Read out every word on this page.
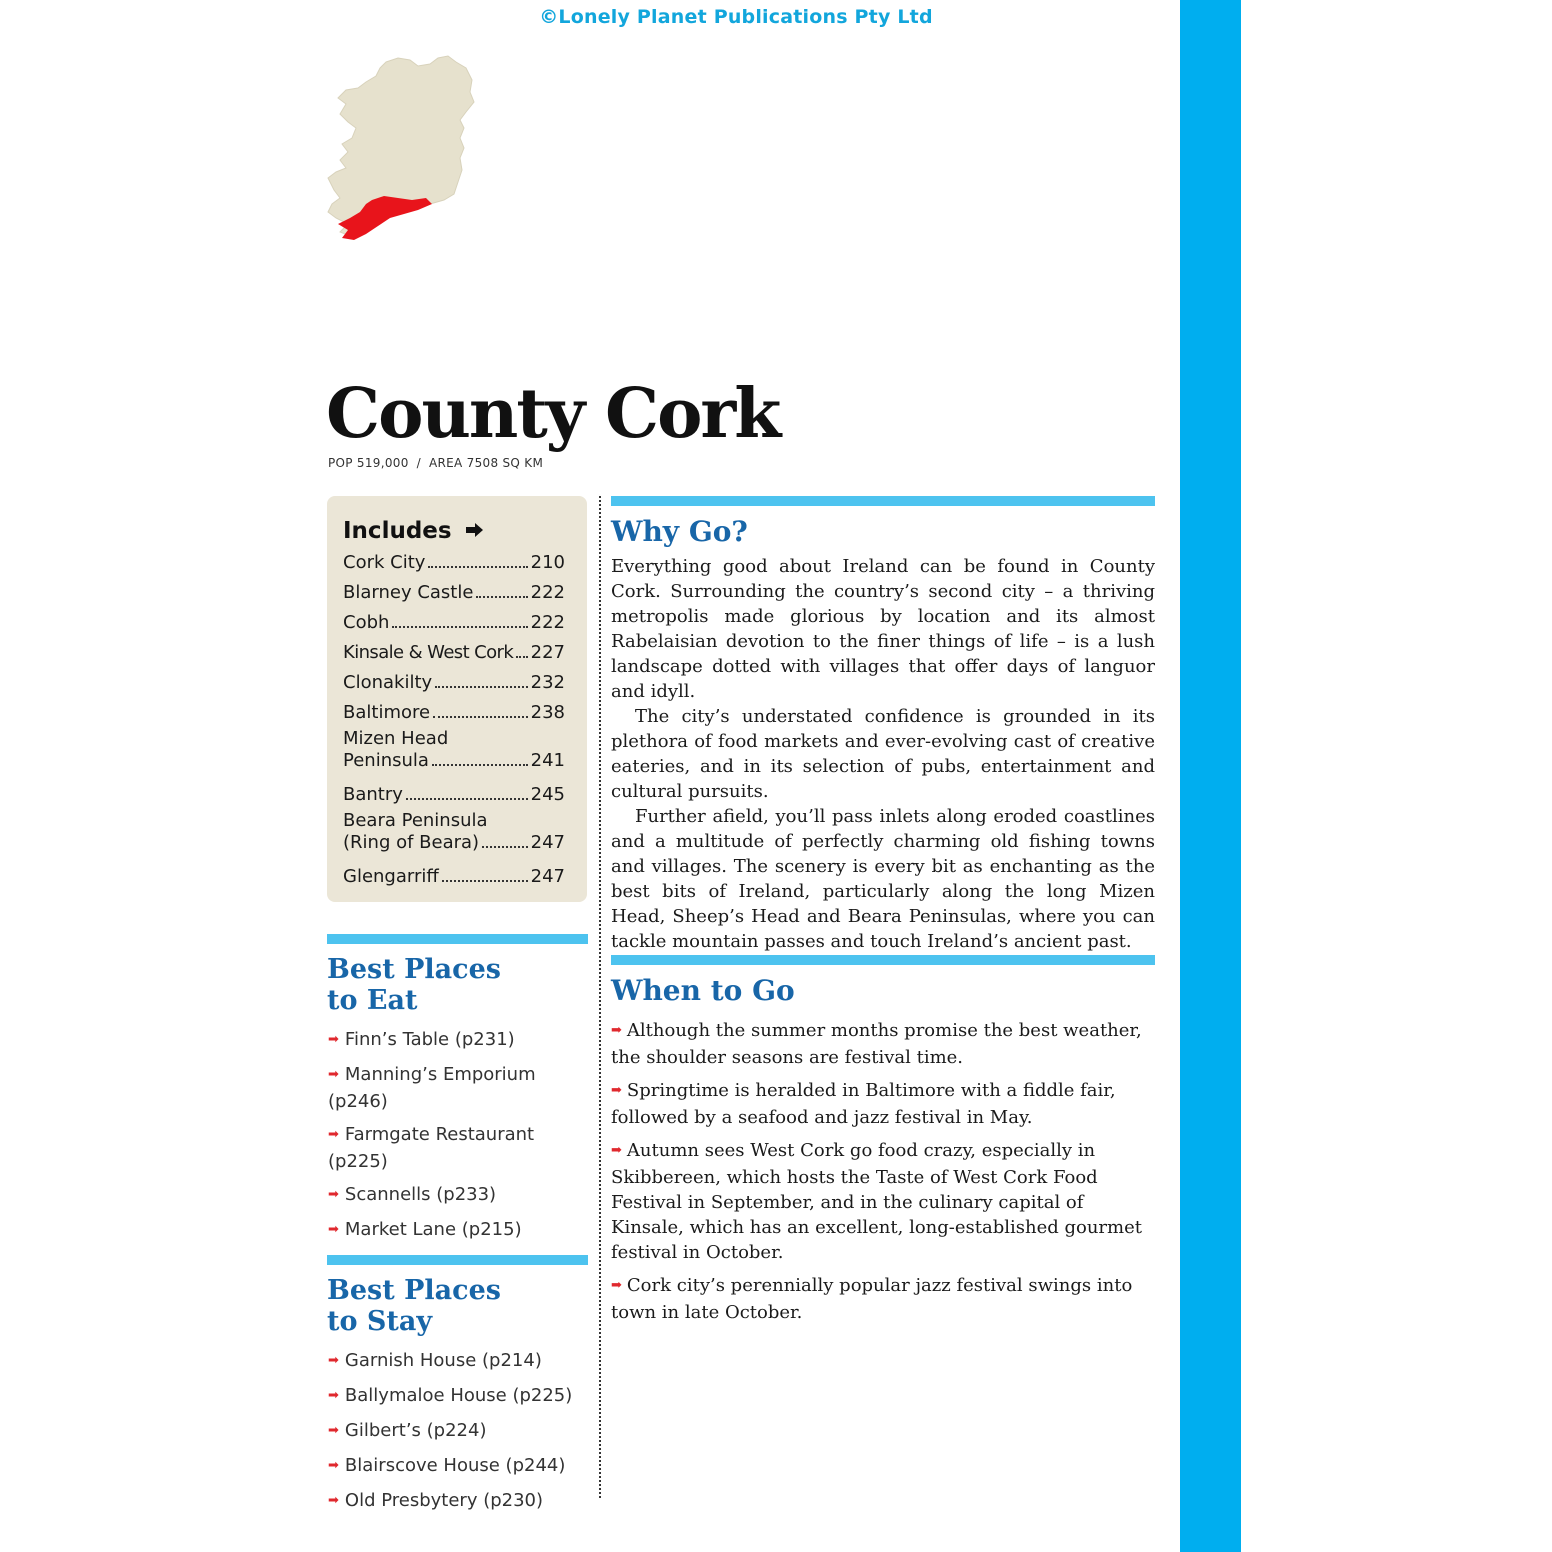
©Lonely Planet Publications Pty Ltd
County Cork
POP 519,000 / AREA 7508 SQ KM
Includes
Cork City	210
Blarney Castle	222
Cobh	222
Kinsale & West Cork 227
Clonakilty	232
Baltimore	238
Mizen Head
Peninsula	241
Bantry	245
Beara Peninsula
(Ring of Beara)	247
Glengarriff	247
Best Places
to Eat
➡ Finn’s Table (p231)
➡ Manning’s Emporium (p246)
➡ Farmgate Restaurant (p225)
➡ Scannells (p233)
➡ Market Lane (p215)
Best Places
to Stay
➡ Garnish House (p214)
➡ Ballymaloe House (p225)
➡ Gilbert’s (p224)
➡ Blairscove House (p244)
➡ Old Presbytery (p230)
Why Go?

Everything good about Ireland can be found in County Cork. Surrounding the country’s second city – a thriving metropolis made glorious by location and its almost Rabelaisian devotion to the finer things of life – is a lush landscape dotted with villages that offer days of languor and idyll.

The city’s understated confidence is grounded in its plethora of food markets and ever-evolving cast of creative eateries, and in its selection of pubs, entertainment and cultural pursuits.

Further afield, you’ll pass inlets along eroded coastlines and a multitude of perfectly charming old fishing towns and villages. The scenery is every bit as enchanting as the best bits of Ireland, particularly along the long Mizen Head, Sheep’s Head and Beara Peninsulas, where you can tackle mountain passes and touch Ireland’s ancient past.

When to Go
➡ Although the summer months promise the best weather, the shoulder seasons are festival time.
➡ Springtime is heralded in Baltimore with a fiddle fair, followed by a seafood and jazz festival in May.
➡ Autumn sees West Cork go food crazy, especially in Skibbereen, which hosts the Taste of West Cork Food Festival in September, and in the culinary capital of Kinsale, which has an excellent, long-established gourmet festival in October.
➡ Cork city’s perennially popular jazz festival swings into town in late October.
